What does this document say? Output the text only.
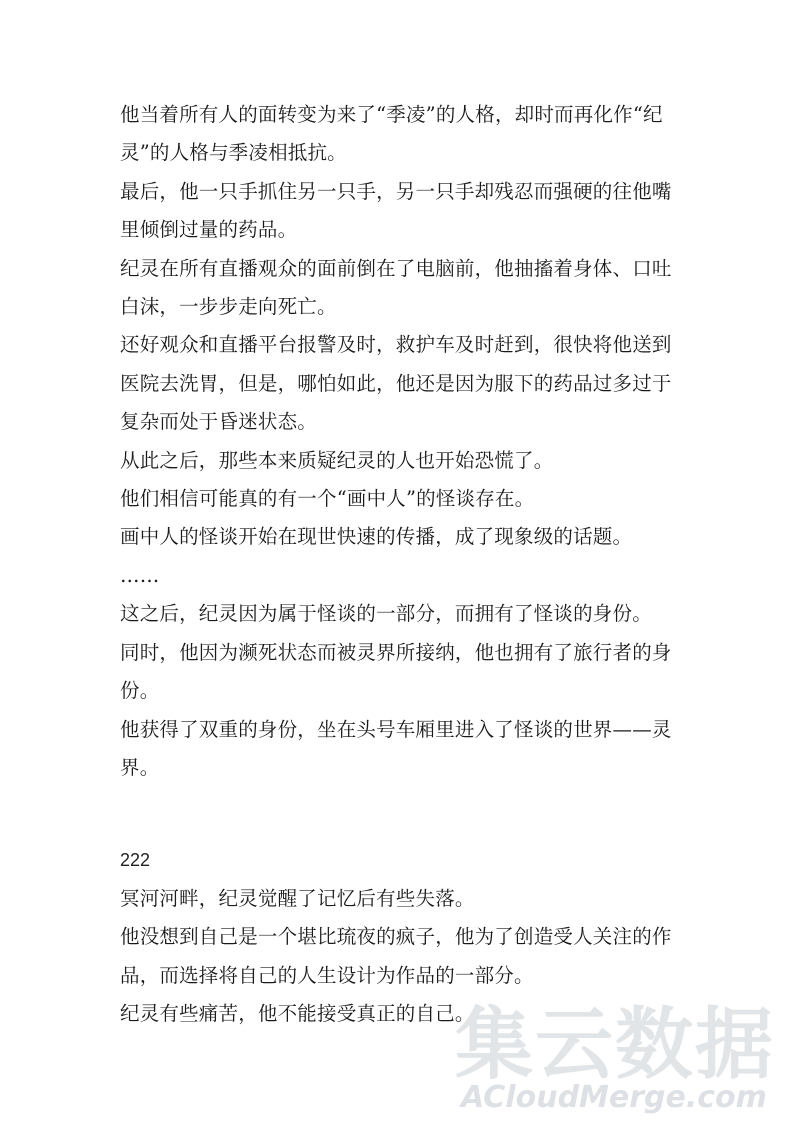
他当着所有人的面转变为来了“季凌”的人格，却时而再化作“纪灵”的人格与季凌相抵抗。

最后，他一只手抓住另一只手，另一只手却残忍而强硬的往他嘴里倾倒过量的药品。

纪灵在所有直播观众的面前倒在了电脑前，他抽搐着身体、口吐白沫，一步步走向死亡。

还好观众和直播平台报警及时，救护车及时赶到，很快将他送到医院去洗胃，但是，哪怕如此，他还是因为服下的药品过多过于复杂而处于昏迷状态。

从此之后，那些本来质疑纪灵的人也开始恐慌了。

他们相信可能真的有一个“画中人”的怪谈存在。

画中人的怪谈开始在现世快速的传播，成了现象级的话题。

……

这之后，纪灵因为属于怪谈的一部分，而拥有了怪谈的身份。

同时，他因为濒死状态而被灵界所接纳，他也拥有了旅行者的身份。

他获得了双重的身份，坐在头号车厢里进入了怪谈的世界——灵界。

222

冥河河畔，纪灵觉醒了记忆后有些失落。

他没想到自己是一个堪比琉夜的疯子，他为了创造受人关注的作品，而选择将自己的人生设计为作品的一部分。

纪灵有些痛苦，他不能接受真正的自己。

集云数据
ACloudMerge.com
